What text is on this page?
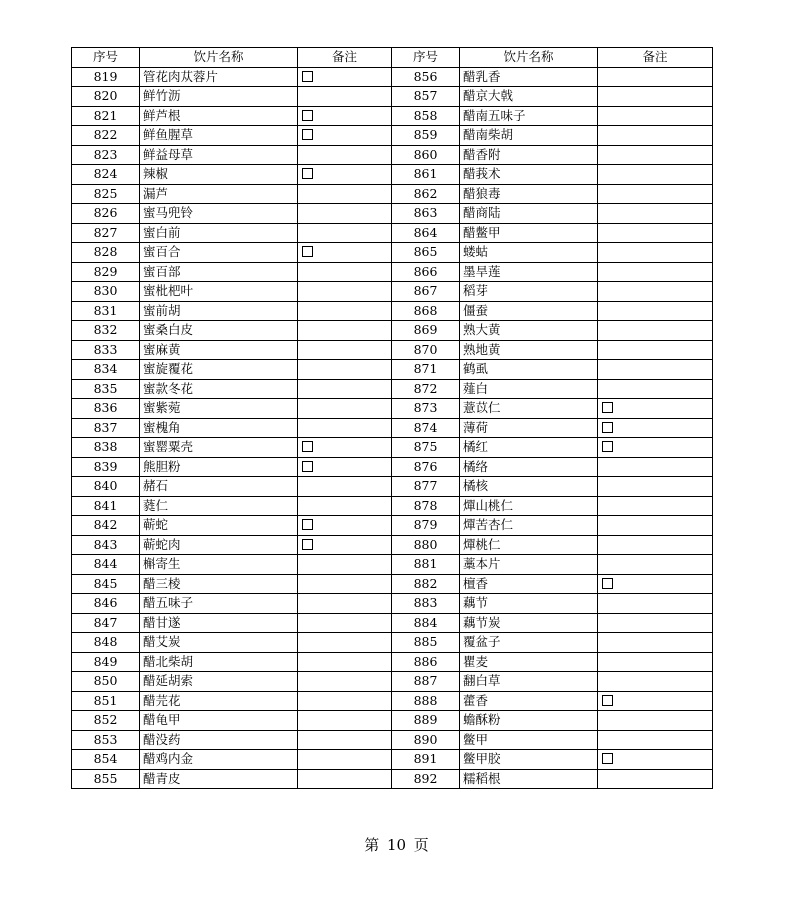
序号	饮片名称	备注	序号	饮片名称	备注
819	管花肉苁蓉片		856	醋乳香	
820	鲜竹沥		857	醋京大戟	
821	鲜芦根		858	醋南五味子	
822	鲜鱼腥草		859	醋南柴胡	
823	鲜益母草		860	醋香附	
824	辣椒		861	醋莪术	
825	漏芦		862	醋狼毒	
826	蜜马兜铃		863	醋商陆	
827	蜜白前		864	醋鳖甲	
828	蜜百合		865	蝼蛄	
829	蜜百部		866	墨旱莲	
830	蜜枇杷叶		867	稻芽	
831	蜜前胡		868	僵蚕	
832	蜜桑白皮		869	熟大黄	
833	蜜麻黄		870	熟地黄	
834	蜜旋覆花		871	鹤虱	
835	蜜款冬花		872	薤白	
836	蜜紫菀		873	薏苡仁	
837	蜜槐角		874	薄荷	
838	蜜罂粟壳		875	橘红	
839	熊胆粉		876	橘络	
840	赭石		877	橘核	
841	蕤仁		878	燀山桃仁	
842	蕲蛇		879	燀苦杏仁	
843	蕲蛇肉		880	燀桃仁	
844	槲寄生		881	藁本片	
845	醋三棱		882	檀香	
846	醋五味子		883	藕节	
847	醋甘遂		884	藕节炭	
848	醋艾炭		885	覆盆子	
849	醋北柴胡		886	瞿麦	
850	醋延胡索		887	翻白草	
851	醋芫花		888	藿香	
852	醋龟甲		889	蟾酥粉	
853	醋没药		890	鳖甲	
854	醋鸡内金		891	鳖甲胶	
855	醋青皮		892	糯稻根	
第 10 页
